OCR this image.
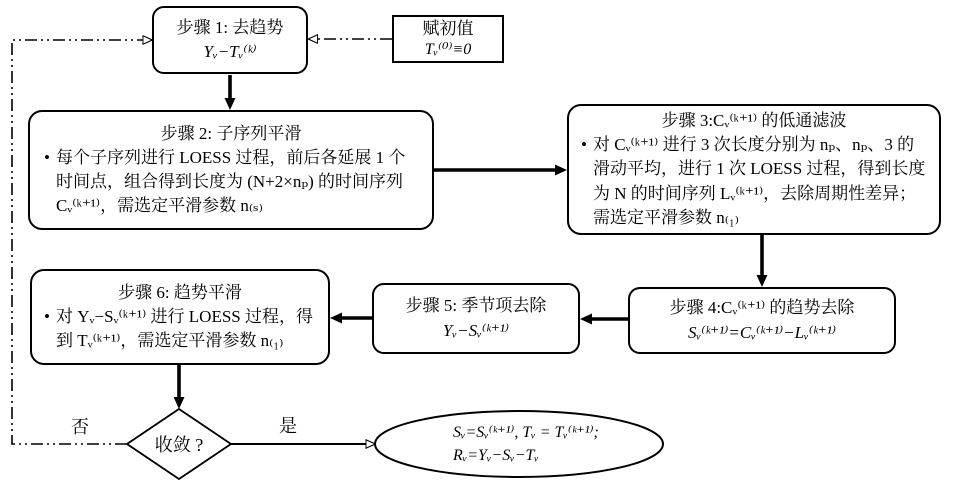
步骤 1: 去趋势
Yᵥ−Tᵥ⁽ᵏ⁾
赋初值
Tᵥ⁽⁰⁾≡0
步骤 2: 子序列平滑
• 每个子序列进行 LOESS 过程，前后各延展 1 个时间点，组合得到长度为 (N+2×nₚ) 的时间序列 Cᵥ⁽ᵏ⁺¹⁾，需选定平滑参数 n₍ₛ₎
步骤 3:Cᵥ⁽ᵏ⁺¹⁾ 的低通滤波
• 对 Cᵥ⁽ᵏ⁺¹⁾ 进行 3 次长度分别为 nₚ、nₚ、3 的滑动平均，进行 1 次 LOESS 过程，得到长度为 N 的时间序列 Lᵥ⁽ᵏ⁺¹⁾，去除周期性差异；需选定平滑参数 n₍₁₎
步骤 4:Cᵥ⁽ᵏ⁺¹⁾ 的趋势去除
Sᵥ⁽ᵏ⁺¹⁾=Cᵥ⁽ᵏ⁺¹⁾−Lᵥ⁽ᵏ⁺¹⁾
步骤 5: 季节项去除
Yᵥ−Sᵥ⁽ᵏ⁺¹⁾
步骤 6: 趋势平滑
• 对 Yᵥ−Sᵥ⁽ᵏ⁺¹⁾ 进行 LOESS 过程，得到 Tᵥ⁽ᵏ⁺¹⁾，需选定平滑参数 n₍₁₎
收敛 ?
Sᵥ=Sᵥ⁽ᵏ⁺¹⁾, Tᵥ = Tᵥ⁽ᵏ⁺¹⁾;
Rᵥ=Yᵥ−Sᵥ−Tᵥ
否	是
